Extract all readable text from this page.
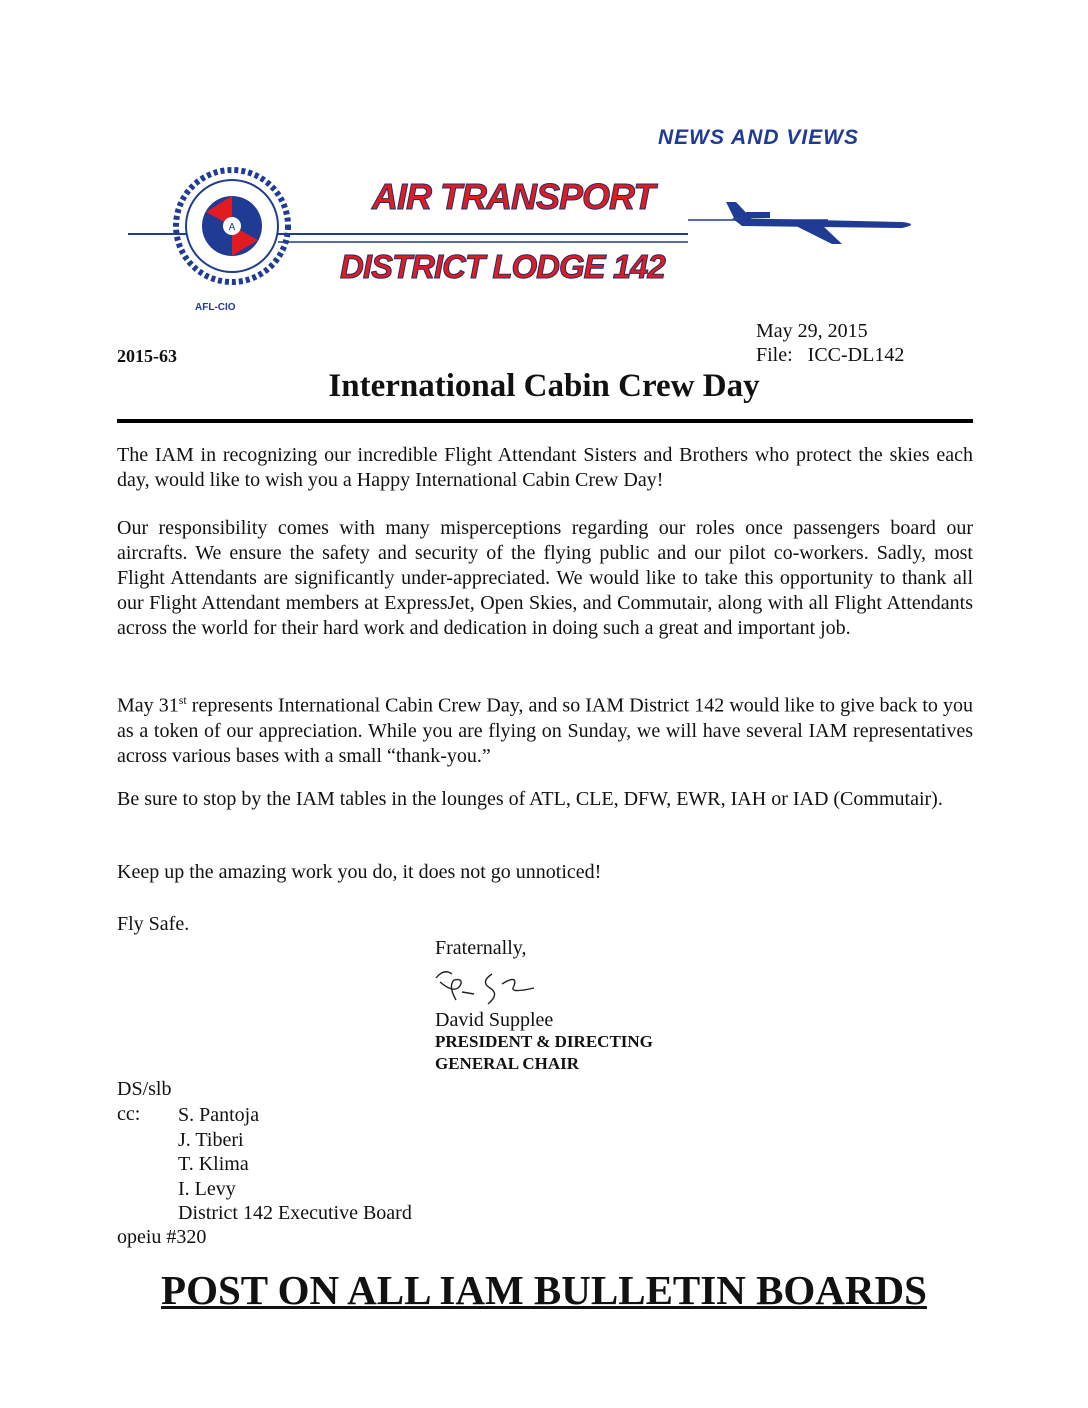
NEWS AND VIEWS
A
AFL-CIO
AIR TRANSPORT
DISTRICT LODGE 142
May 29, 2015
2015-63	File: ICC-DL142
International Cabin Crew Day
The IAM in recognizing our incredible Flight Attendant Sisters and Brothers who protect the skies each day, would like to wish you a Happy International Cabin Crew Day!
Our responsibility comes with many misperceptions regarding our roles once passengers board our aircrafts. We ensure the safety and security of the flying public and our pilot co-workers. Sadly, most Flight Attendants are significantly under-appreciated. We would like to take this opportunity to thank all our Flight Attendant members at ExpressJet, Open Skies, and Commutair, along with all Flight Attendants across the world for their hard work and dedication in doing such a great and important job.
May 31st represents International Cabin Crew Day, and so IAM District 142 would like to give back to you as a token of our appreciation. While you are flying on Sunday, we will have several IAM representatives across various bases with a small “thank-you.”
Be sure to stop by the IAM tables in the lounges of ATL, CLE, DFW, EWR, IAH or IAD (Commutair).
Keep up the amazing work you do, it does not go unnoticed!
Fly Safe.
Fraternally,
David Supplee
PRESIDENT & DIRECTING
GENERAL CHAIR
DS/slb
cc: S. Pantoja
J. Tiberi
T. Klima
I. Levy
District 142 Executive Board
opeiu #320
POST ON ALL IAM BULLETIN BOARDS
